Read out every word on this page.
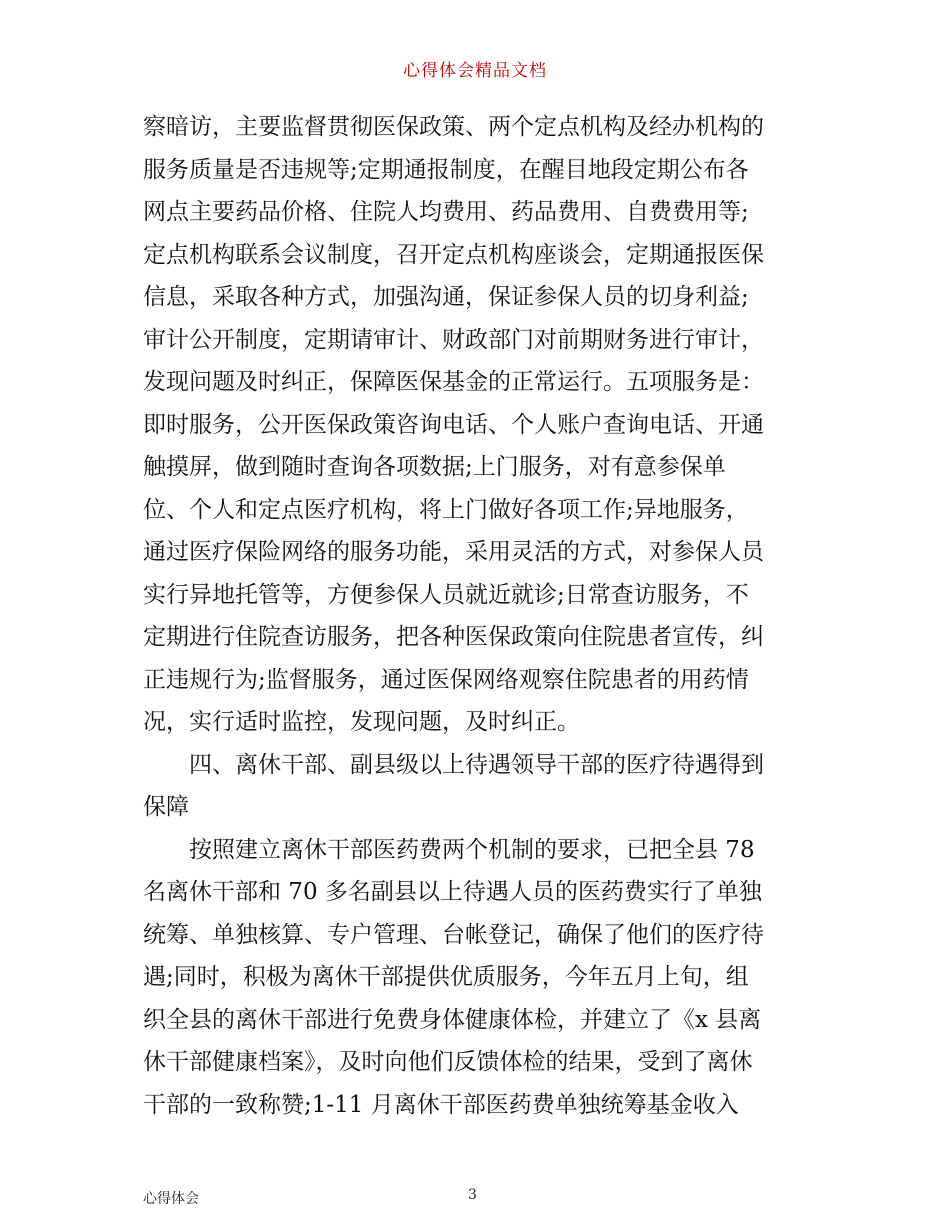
心得体会精品文档
察暗访，主要监督贯彻医保政策、两个定点机构及经办机构的
服务质量是否违规等;定期通报制度，在醒目地段定期公布各
网点主要药品价格、住院人均费用、药品费用、自费费用等;
定点机构联系会议制度，召开定点机构座谈会，定期通报医保
信息，采取各种方式，加强沟通，保证参保人员的切身利益;
审计公开制度，定期请审计、财政部门对前期财务进行审计，
发现问题及时纠正，保障医保基金的正常运行。五项服务是：
即时服务，公开医保政策咨询电话、个人账户查询电话、开通
触摸屏，做到随时查询各项数据;上门服务，对有意参保单
位、个人和定点医疗机构，将上门做好各项工作;异地服务，
通过医疗保险网络的服务功能，采用灵活的方式，对参保人员
实行异地托管等，方便参保人员就近就诊;日常查访服务，不
定期进行住院查访服务，把各种医保政策向住院患者宣传，纠
正违规行为;监督服务，通过医保网络观察住院患者的用药情
况，实行适时监控，发现问题，及时纠正。
四、离休干部、副县级以上待遇领导干部的医疗待遇得到
保障
按照建立离休干部医药费两个机制的要求，已把全县 78
名离休干部和 70 多名副县以上待遇人员的医药费实行了单独
统筹、单独核算、专户管理、台帐登记，确保了他们的医疗待
遇;同时，积极为离休干部提供优质服务，今年五月上旬，组
织全县的离休干部进行免费身体健康体检，并建立了《x 县离
休干部健康档案》，及时向他们反馈体检的结果，受到了离休
干部的一致称赞;1-11 月离休干部医药费单独统筹基金收入
心得体会	3
